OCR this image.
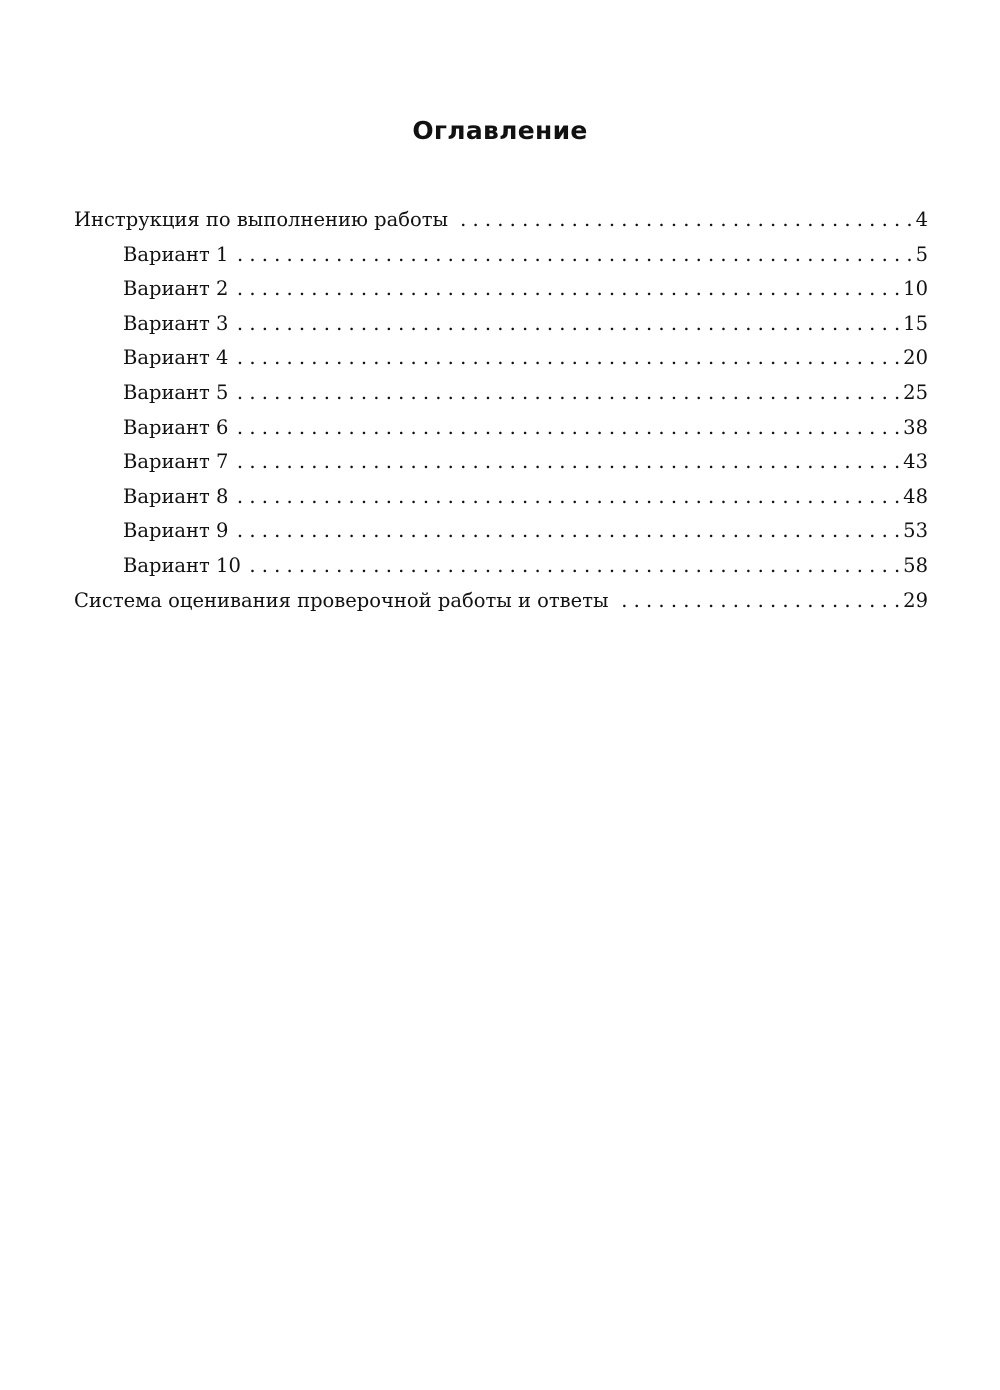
Оглавление
Инструкция по выполнению работы . . .	4
Вариант 1 . . .	5
Вариант 2 . . .	10
Вариант 3 . . .	15
Вариант 4 . . .	20
Вариант 5 . . .	25
Вариант 6 . . .	38
Вариант 7 . . .	43
Вариант 8 . . .	48
Вариант 9 . . .	53
Вариант 10 . . .	58
Система оценивания проверочной работы и ответы . . .	29
